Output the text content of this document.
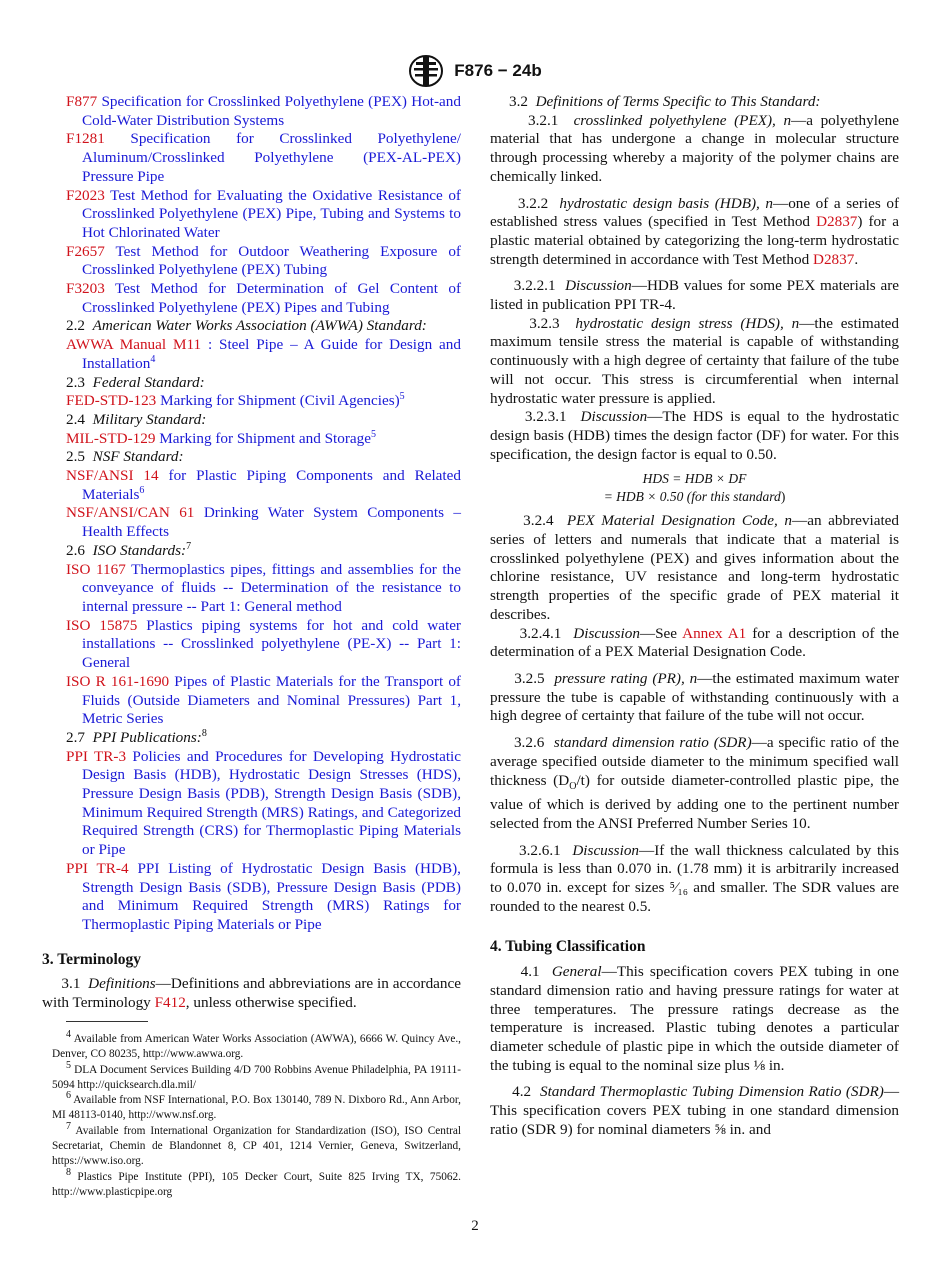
F876 − 24b
F877 Specification for Crosslinked Polyethylene (PEX) Hot-and Cold-Water Distribution Systems
F1281 Specification for Crosslinked Polyethylene/ Aluminum/Crosslinked Polyethylene (PEX-AL-PEX) Pressure Pipe
F2023 Test Method for Evaluating the Oxidative Resistance of Crosslinked Polyethylene (PEX) Pipe, Tubing and Systems to Hot Chlorinated Water
F2657 Test Method for Outdoor Weathering Exposure of Crosslinked Polyethylene (PEX) Tubing
F3203 Test Method for Determination of Gel Content of Crosslinked Polyethylene (PEX) Pipes and Tubing
2.2 American Water Works Association (AWWA) Standard:
AWWA Manual M11 : Steel Pipe – A Guide for Design and Installation$^4$
2.3 Federal Standard:
FED-STD-123 Marking for Shipment (Civil Agencies)$^5$
2.4 Military Standard:
MIL-STD-129 Marking for Shipment and Storage$^5$
2.5 NSF Standard:
NSF/ANSI 14 for Plastic Piping Components and Related Materials$^6$
NSF/ANSI/CAN 61 Drinking Water System Components – Health Effects
2.6 ISO Standards:$^7$
ISO 1167 Thermoplastics pipes, fittings and assemblies for the conveyance of fluids -- Determination of the resistance to internal pressure -- Part 1: General method
ISO 15875 Plastics piping systems for hot and cold water installations -- Crosslinked polyethylene (PE-X) -- Part 1: General
ISO R 161-1690 Pipes of Plastic Materials for the Transport of Fluids (Outside Diameters and Nominal Pressures) Part 1, Metric Series
2.7 PPI Publications:$^8$
PPI TR-3 Policies and Procedures for Developing Hydrostatic Design Basis (HDB), Hydrostatic Design Stresses (HDS), Pressure Design Basis (PDB), Strength Design Basis (SDB), Minimum Required Strength (MRS) Ratings, and Categorized Required Strength (CRS) for Thermoplastic Piping Materials or Pipe
PPI TR-4 PPI Listing of Hydrostatic Design Basis (HDB), Strength Design Basis (SDB), Pressure Design Basis (PDB) and Minimum Required Strength (MRS) Ratings for Thermoplastic Piping Materials or Pipe
3. Terminology
3.1 Definitions—Definitions and abbreviations are in accordance with Terminology F412, unless otherwise specified.
$^4$ Available from American Water Works Association (AWWA), 6666 W. Quincy Ave., Denver, CO 80235, http://www.awwa.org.
$^5$ DLA Document Services Building 4/D 700 Robbins Avenue Philadelphia, PA 19111-5094 http://quicksearch.dla.mil/
$^6$ Available from NSF International, P.O. Box 130140, 789 N. Dixboro Rd., Ann Arbor, MI 48113-0140, http://www.nsf.org.
$^7$ Available from International Organization for Standardization (ISO), ISO Central Secretariat, Chemin de Blandonnet 8, CP 401, 1214 Vernier, Geneva, Switzerland, https://www.iso.org.
$^8$ Plastics Pipe Institute (PPI), 105 Decker Court, Suite 825 Irving TX, 75062. http://www.plasticpipe.org
3.2 Definitions of Terms Specific to This Standard:
3.2.1 crosslinked polyethylene (PEX), n—a polyethylene material that has undergone a change in molecular structure through processing whereby a majority of the polymer chains are chemically linked.
3.2.2 hydrostatic design basis (HDB), n—one of a series of established stress values (specified in Test Method D2837) for a plastic material obtained by categorizing the long-term hydrostatic strength determined in accordance with Test Method D2837.
3.2.2.1 Discussion—HDB values for some PEX materials are listed in publication PPI TR-4.
3.2.3 hydrostatic design stress (HDS), n—the estimated maximum tensile stress the material is capable of withstanding continuously with a high degree of certainty that failure of the tube will not occur. This stress is circumferential when internal hydrostatic water pressure is applied.
3.2.3.1 Discussion—The HDS is equal to the hydrostatic design basis (HDB) times the design factor (DF) for water. For this specification, the design factor is equal to 0.50.
HDS = HDB × DF
= HDB × 0.50 (for this standard)
3.2.4 PEX Material Designation Code, n—an abbreviated series of letters and numerals that indicate that a material is crosslinked polyethylene (PEX) and gives information about the chlorine resistance, UV resistance and long-term hydrostatic strength properties of the specific grade of PEX material it describes.
3.2.4.1 Discussion—See Annex A1 for a description of the determination of a PEX Material Designation Code.
3.2.5 pressure rating (PR), n—the estimated maximum water pressure the tube is capable of withstanding continuously with a high degree of certainty that failure of the tube will not occur.
3.2.6 standard dimension ratio (SDR)—a specific ratio of the average specified outside diameter to the minimum specified wall thickness $(D_O/t)$ for outside diameter-controlled plastic pipe, the value of which is derived by adding one to the pertinent number selected from the ANSI Preferred Number Series 10.
3.2.6.1 Discussion—If the wall thickness calculated by this formula is less than 0.070 in. (1.78 mm) it is arbitrarily increased to 0.070 in. except for sizes ⁵⁄₁₆ and smaller. The SDR values are rounded to the nearest 0.5.
4. Tubing Classification
4.1 General—This specification covers PEX tubing in one standard dimension ratio and having pressure ratings for water at three temperatures. The pressure ratings decrease as the temperature is increased. Plastic tubing denotes a particular diameter schedule of plastic pipe in which the outside diameter of the tubing is equal to the nominal size plus ⅛ in.
4.2 Standard Thermoplastic Tubing Dimension Ratio (SDR)—This specification covers PEX tubing in one standard dimension ratio (SDR 9) for nominal diameters ⅝ in. and
2
